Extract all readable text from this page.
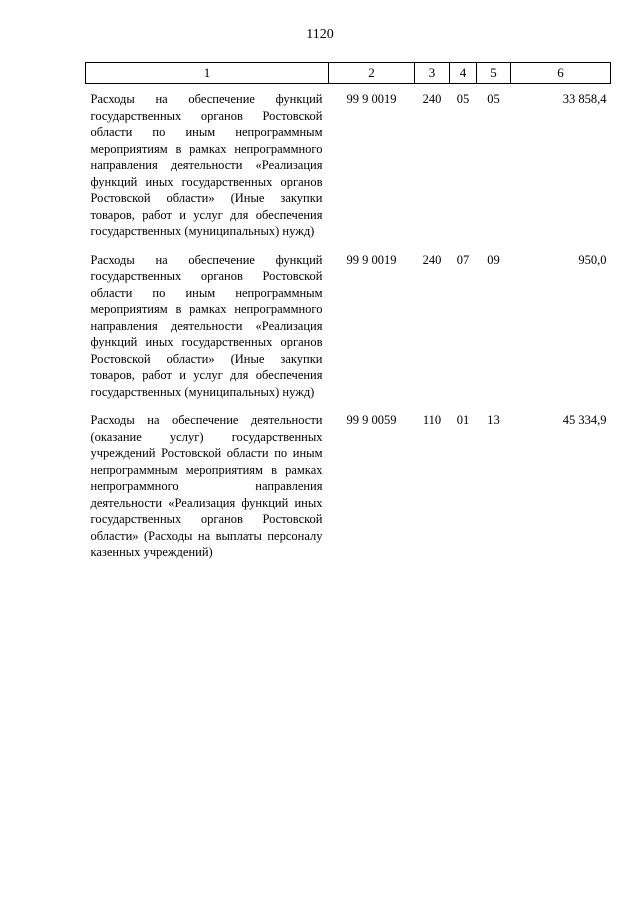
1120
1	2	3	4	5	6
Расходы на обеспечение функций государственных органов Ростовской области по иным непрограммным мероприятиям в рамках непрограммного направления деятельности «Реализация функций иных государственных органов Ростовской области» (Иные закупки товаров, работ и услуг для обеспечения государственных (муниципальных) нужд)	99 9 0019	240	05	05	33 858,4
Расходы на обеспечение функций государственных органов Ростовской области по иным непрограммным мероприятиям в рамках непрограммного направления деятельности «Реализация функций иных государственных органов Ростовской области» (Иные закупки товаров, работ и услуг для обеспечения государственных (муниципальных) нужд)	99 9 0019	240	07	09	950,0
Расходы на обеспечение деятельности (оказание услуг) государственных учреждений Ростовской области по иным непрограммным мероприятиям в рамках непрограммного направления деятельности «Реализация функций иных государственных органов Ростовской области» (Расходы на выплаты персоналу казенных учреждений)	99 9 0059	110	01	13	45 334,9
